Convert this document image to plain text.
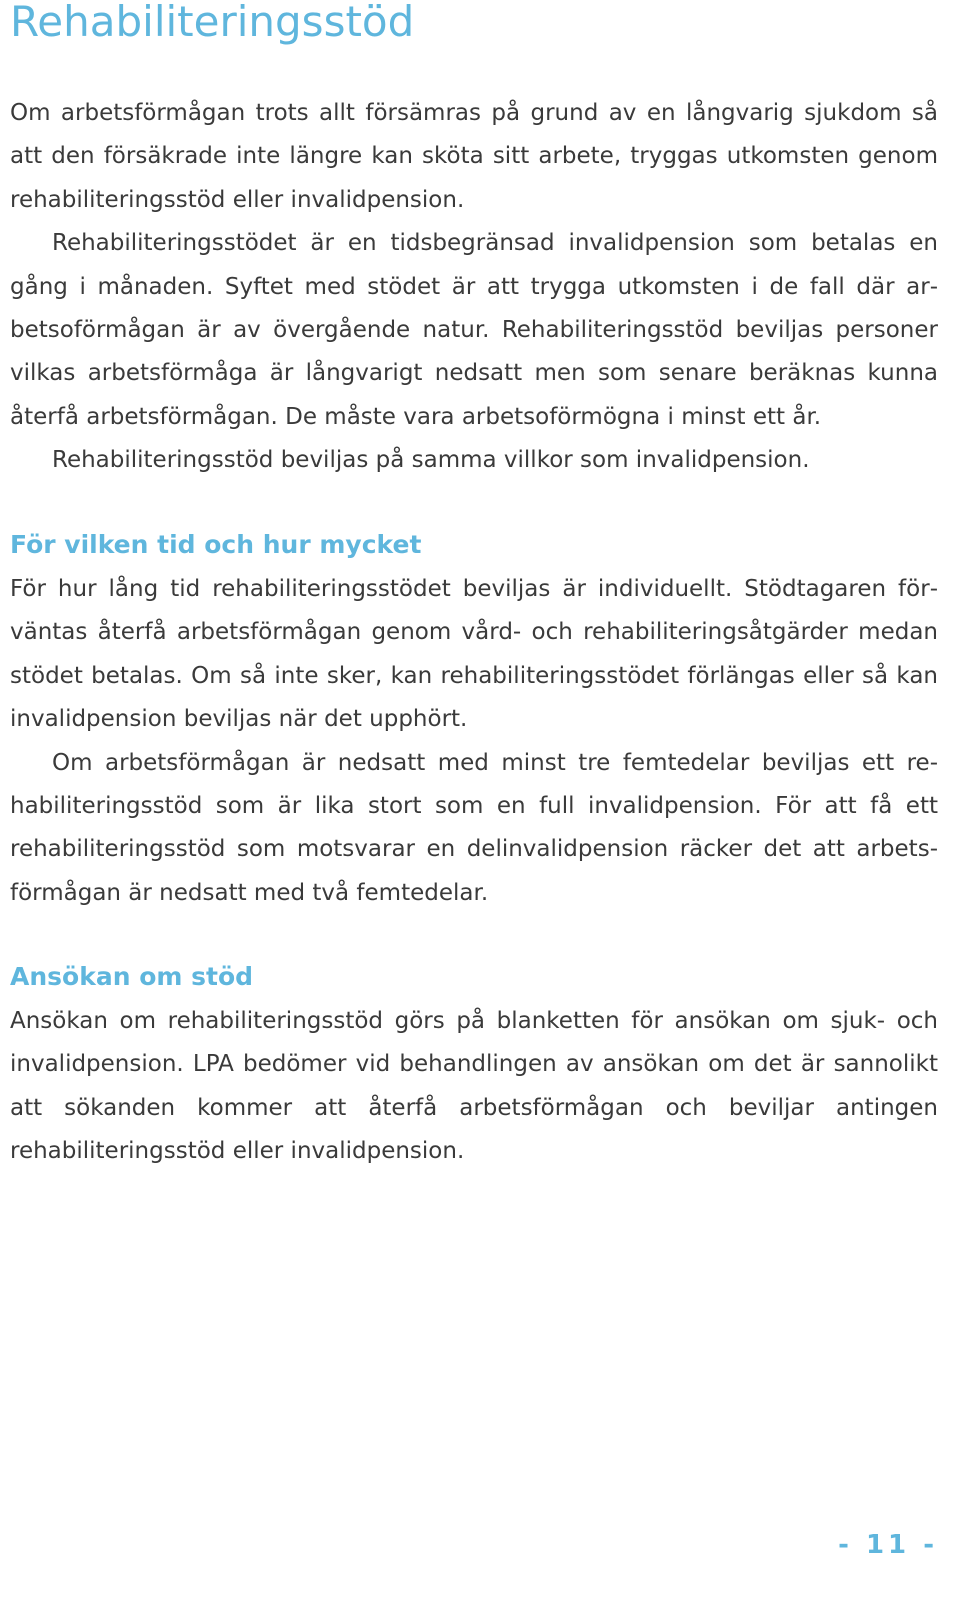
Rehabiliteringsstöd

Om arbetsförmågan trots allt försämras på grund av en långvarig sjukdom så att den försäkrade inte längre kan sköta sitt arbete, tryggas utkomsten genom rehabiliteringsstöd eller invalidpension.

Rehabiliteringsstödet är en tidsbegränsad invalidpension som betalas en gång i månaden. Syftet med stödet är att trygga utkomsten i de fall där arbetsoförmågan är av övergående natur. Rehabiliteringsstöd beviljas personer vilkas arbetsförmåga är långvarigt nedsatt men som senare beräknas kunna återfå arbetsförmågan. De måste vara arbetsoförmögna i minst ett år.

Rehabiliteringsstöd beviljas på samma villkor som invalidpension.

För vilken tid och hur mycket

För hur lång tid rehabiliteringsstödet beviljas är individuellt. Stödtagaren förväntas återfå arbetsförmågan genom vård- och rehabiliteringsåtgärder medan stödet betalas. Om så inte sker, kan rehabiliteringsstödet förlängas eller så kan invalidpension beviljas när det upphört.

Om arbetsförmågan är nedsatt med minst tre femtedelar beviljas ett rehabiliteringsstöd som är lika stort som en full invalidpension. För att få ett rehabiliteringsstöd som motsvarar en delinvalidpension räcker det att arbetsförmågan är nedsatt med två femtedelar.

Ansökan om stöd

Ansökan om rehabiliteringsstöd görs på blanketten för ansökan om sjuk- och invalidpension. LPA bedömer vid behandlingen av ansökan om det är sannolikt att sökanden kommer att återfå arbetsförmågan och beviljar antingen rehabiliteringsstöd eller invalidpension.

- 11 -
